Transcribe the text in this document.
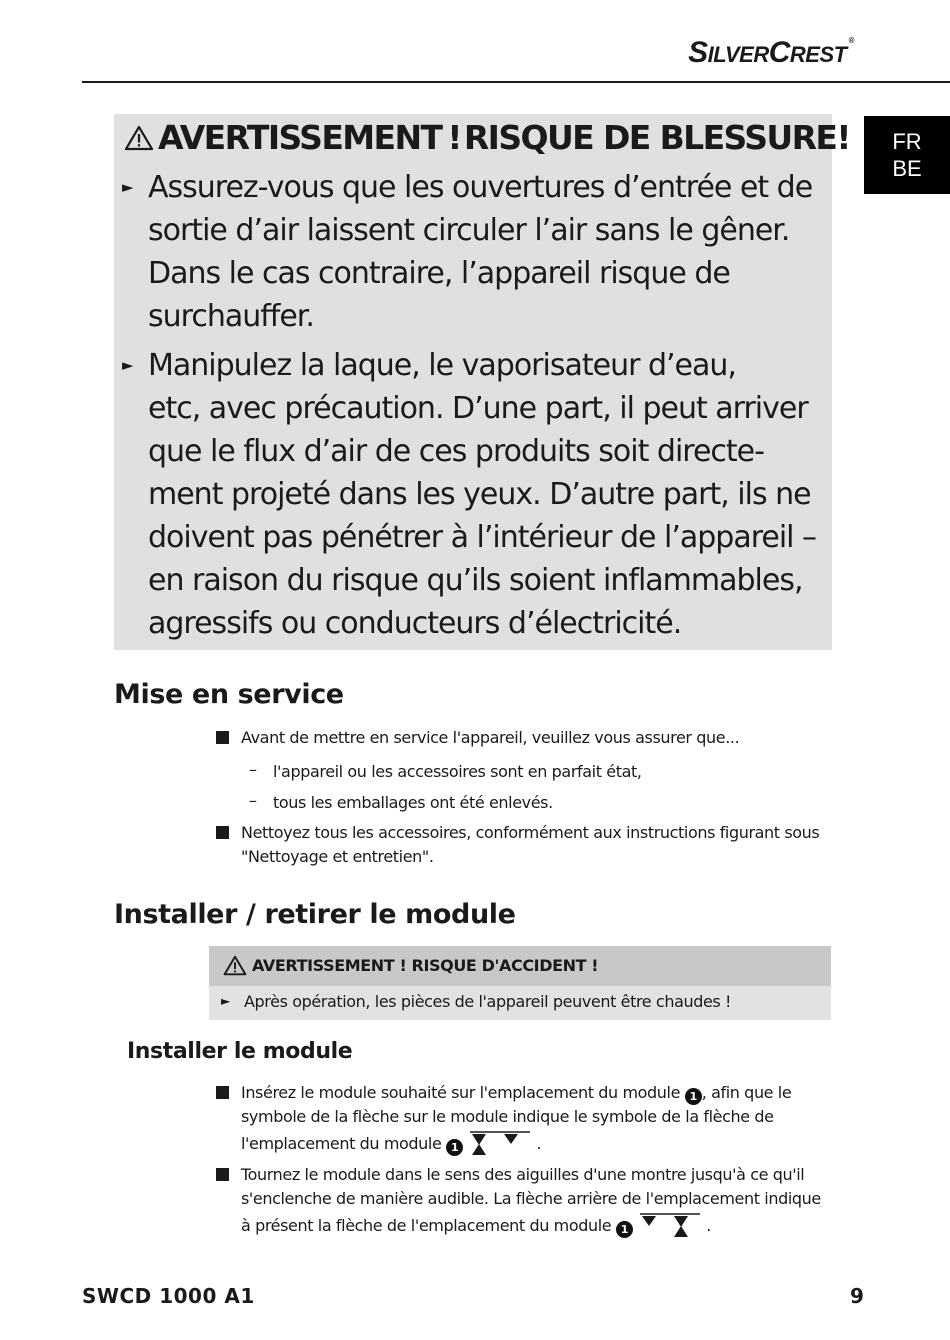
SILVERCREST®
FR
BE
AVERTISSEMENT ! RISQUE DE BLESSURE!
► Assurez-vous que les ouvertures d’entrée et de
sortie d’air laissent circuler l’air sans le gêner.
Dans le cas contraire, l’appareil risque de
surchauffer.
► Manipulez la laque, le vaporisateur d’eau,
etc, avec précaution. D’une part, il peut arriver
que le flux d’air de ces produits soit directe-
ment projeté dans les yeux. D’autre part, ils ne
doivent pas pénétrer à l’intérieur de l’appareil –
en raison du risque qu’ils soient inflammables,
agressifs ou conducteurs d’électricité.
Mise en service
Avant de mettre en service l'appareil, veuillez vous assurer que...
– l'appareil ou les accessoires sont en parfait état,
– tous les emballages ont été enlevés.
Nettoyez tous les accessoires, conformément aux instructions figurant sous
"Nettoyage et entretien".
Installer / retirer le module
AVERTISSEMENT ! RISQUE D'ACCIDENT !
► Après opération, les pièces de l'appareil peuvent être chaudes !
Installer le module
Insérez le module souhaité sur l'emplacement du module 1 , afin que le
symbole de la flèche sur le module indique le symbole de la flèche de
l'emplacement du module 1	.
Tournez le module dans le sens des aiguilles d'une montre jusqu'à ce qu'il
s'enclenche de manière audible. La flèche arrière de l'emplacement indique
à présent la flèche de l'emplacement du module 1	.
SWCD 1000 A1	9
